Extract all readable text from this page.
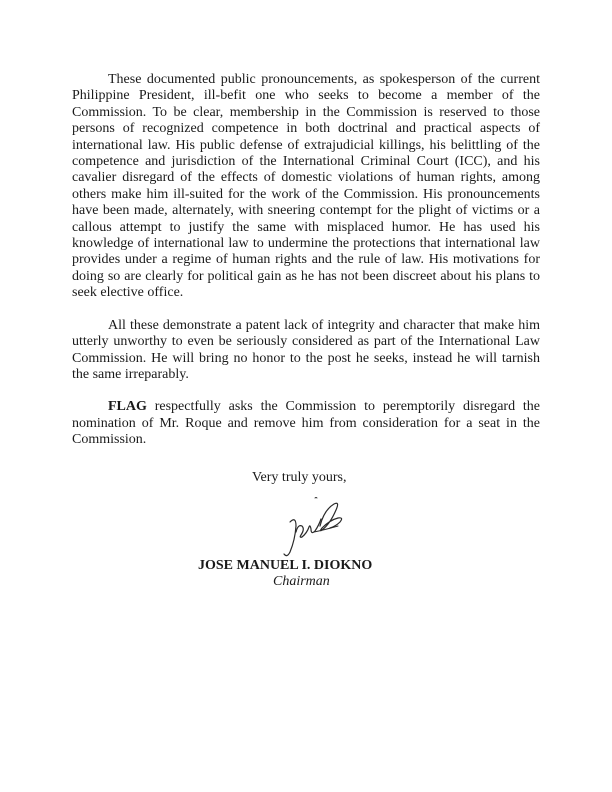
These documented public pronouncements, as spokesperson of the current Philippine President, ill-befit one who seeks to become a member of the Commission. To be clear, membership in the Commission is reserved to those persons of recognized competence in both doctrinal and practical aspects of international law. His public defense of extrajudicial killings, his belittling of the competence and jurisdiction of the International Criminal Court (ICC), and his cavalier disregard of the effects of domestic violations of human rights, among others make him ill-suited for the work of the Commission. His pronouncements have been made, alternately, with sneering contempt for the plight of victims or a callous attempt to justify the same with misplaced humor. He has used his knowledge of international law to undermine the protections that international law provides under a regime of human rights and the rule of law. His motivations for doing so are clearly for political gain as he has not been discreet about his plans to seek elective office.

All these demonstrate a patent lack of integrity and character that make him utterly unworthy to even be seriously considered as part of the International Law Commission. He will bring no honor to the post he seeks, instead he will tarnish the same irreparably.

FLAG respectfully asks the Commission to peremptorily disregard the nomination of Mr. Roque and remove him from consideration for a seat in the Commission.

Very truly yours,
JOSE MANUEL I. DIOKNO
Chairman
